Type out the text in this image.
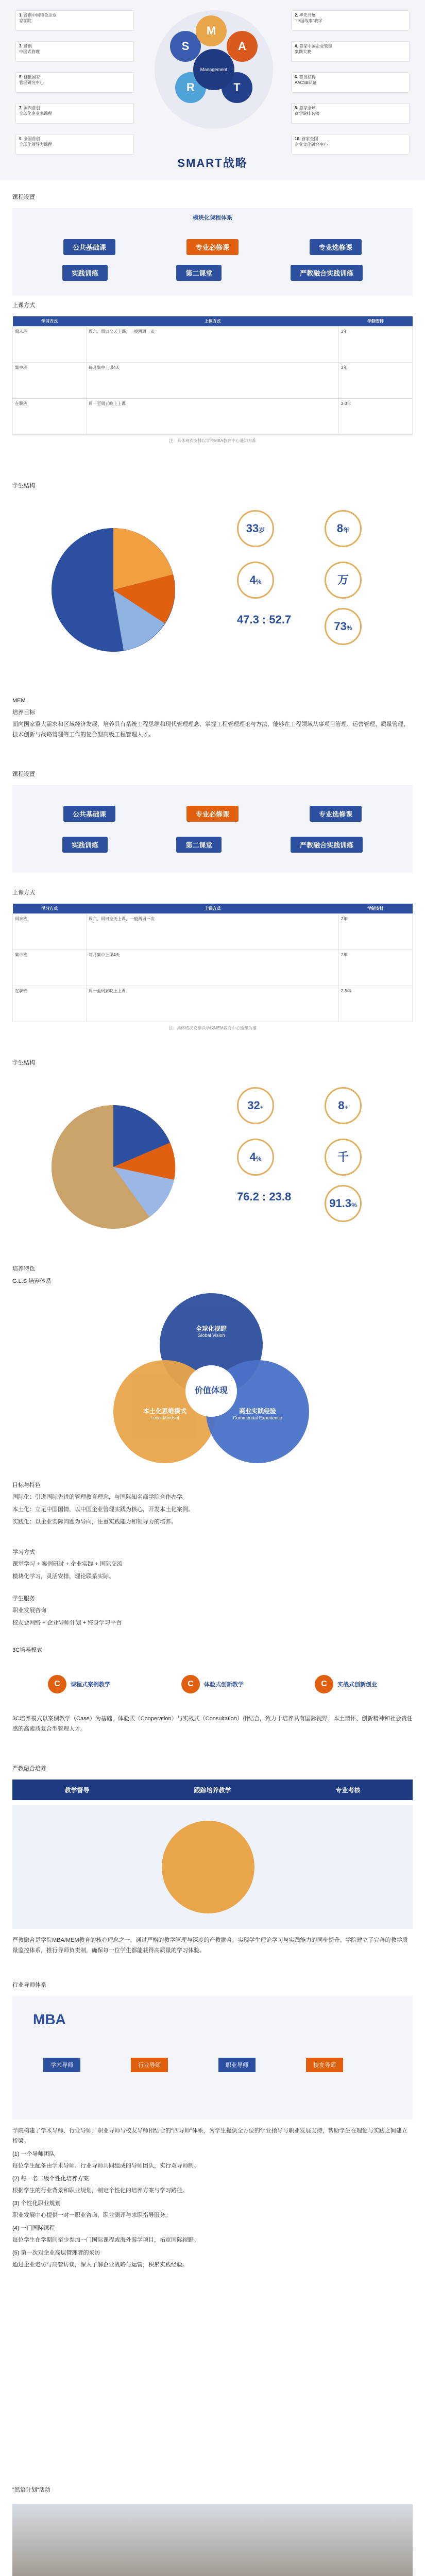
S
M
A
R	T
Management
1. 首创中国特色企业
家学院
3. 首创
中国式管理
5. 首批国家
管理研究中心
7. 国内首创
全球化企业家课程
9. 全国首创
全球化领导力课程
2. 率先开展
"中国故事"教学
4. 首家中国企业管理
案例大赛
6. 首批获得
AACSB认证
8. 首家全球
商学院排名榜
10. 首家全国
企业文化研究中心
SMART战略

课程设置

模块化课程体系
公共基础课	专业必修课	专业选修课
实践训练	第二课堂	严教融合实践训练

上课方式

学习方式	上课方式	学制安排
周末班	周六、周日全天上课，一般两周一次	2年
集中班	每月集中上课4天	2年
在职班	周一至周五晚上上课	2-3年
注：具体班次安排以学校MBA教育中心通知为准

学生结构

33岁	8年
4%	万
47.3 : 52.7
73%

MEM

培养目标

面向国家重大需求和区域经济发展，培养具有系统工程思维和现代管理理念，掌握工程管理理论与方法，能够在工程领域从事项目管理、运营管理、质量管理、技术创新与战略管理等工作的复合型高级工程管理人才。

课程设置

公共基础课	专业必修课	专业选修课
实践训练	第二课堂	严教融合实践训练

上课方式

学习方式	上课方式	学制安排
周末班	周六、周日全天上课，一般两周一次	2年
集中班	每月集中上课4天	2年
在职班	周一至周五晚上上课	2-3年
注：具体班次安排以学校MEM教育中心通知为准

学生结构

32+	8+
4%	千
76.2 : 23.8
91.3%

培养特色

G.L.S 培养体系

全球化视野
Global Vision
本土化思维模式
Local Mindset
商业实践经验
Commercial Experience
价值体现

目标与特色

国际化：引进国际先进的管理教育理念，与国际知名商学院合作办学。

本土化：立足中国国情，以中国企业管理实践为核心，开发本土化案例。

实践化：以企业实际问题为导向，注重实践能力和领导力的培养。

学习方式

课堂学习 + 案例研讨 + 企业实践 + 国际交流

模块化学习，灵活安排，理论联系实际。

学生服务

职业发展咨询

校友会网络 + 企业导师计划 + 终身学习平台

3C培养模式

C	课程式案例教学	C	体验式创新教学	C	实战式创新创业

3C培养模式以案例教学（Case）为基础，体验式（Cooperation）与实战式（Consultation）相结合，致力于培养具有国际视野、本土情怀、创新精神和社会责任感的高素质复合型管理人才。

严教融合培养

教学督导	跟踪培养教学	专业考核

严教融合是学院MBA/MEM教育的核心理念之一，通过严格的教学管理与深度的产教融合，实现学生理论学习与实践能力的同步提升。学院建立了完善的教学质量监控体系，推行导师负责制，确保每一位学生都能获得高质量的学习体验。

行业导师体系

MBA
学术导师	行业导师	职业导师	校友导师

学院构建了学术导师、行业导师、职业导师与校友导师相结合的"四导师"体系，为学生提供全方位的学业指导与职业发展支持，帮助学生在理论与实践之间建立桥梁。

(1) 一个导师团队

每位学生配备由学术导师、行业导师共同组成的导师团队，实行双导师制。

(2) 每一名二级个性化培养方案

根据学生的行业背景和职业规划，制定个性化的培养方案与学习路径。

(3) 个性化职业规划

职业发展中心提供一对一职业咨询、职业测评与求职指导服务。

(4) 一门国际课程

每位学生在学期间至少参加一门国际课程或海外游学项目，拓宽国际视野。

(5) 第一次对企业高层管理者的采访

通过企业走访与高管访谈，深入了解企业战略与运营，积累实践经验。

"然语计划"活动
